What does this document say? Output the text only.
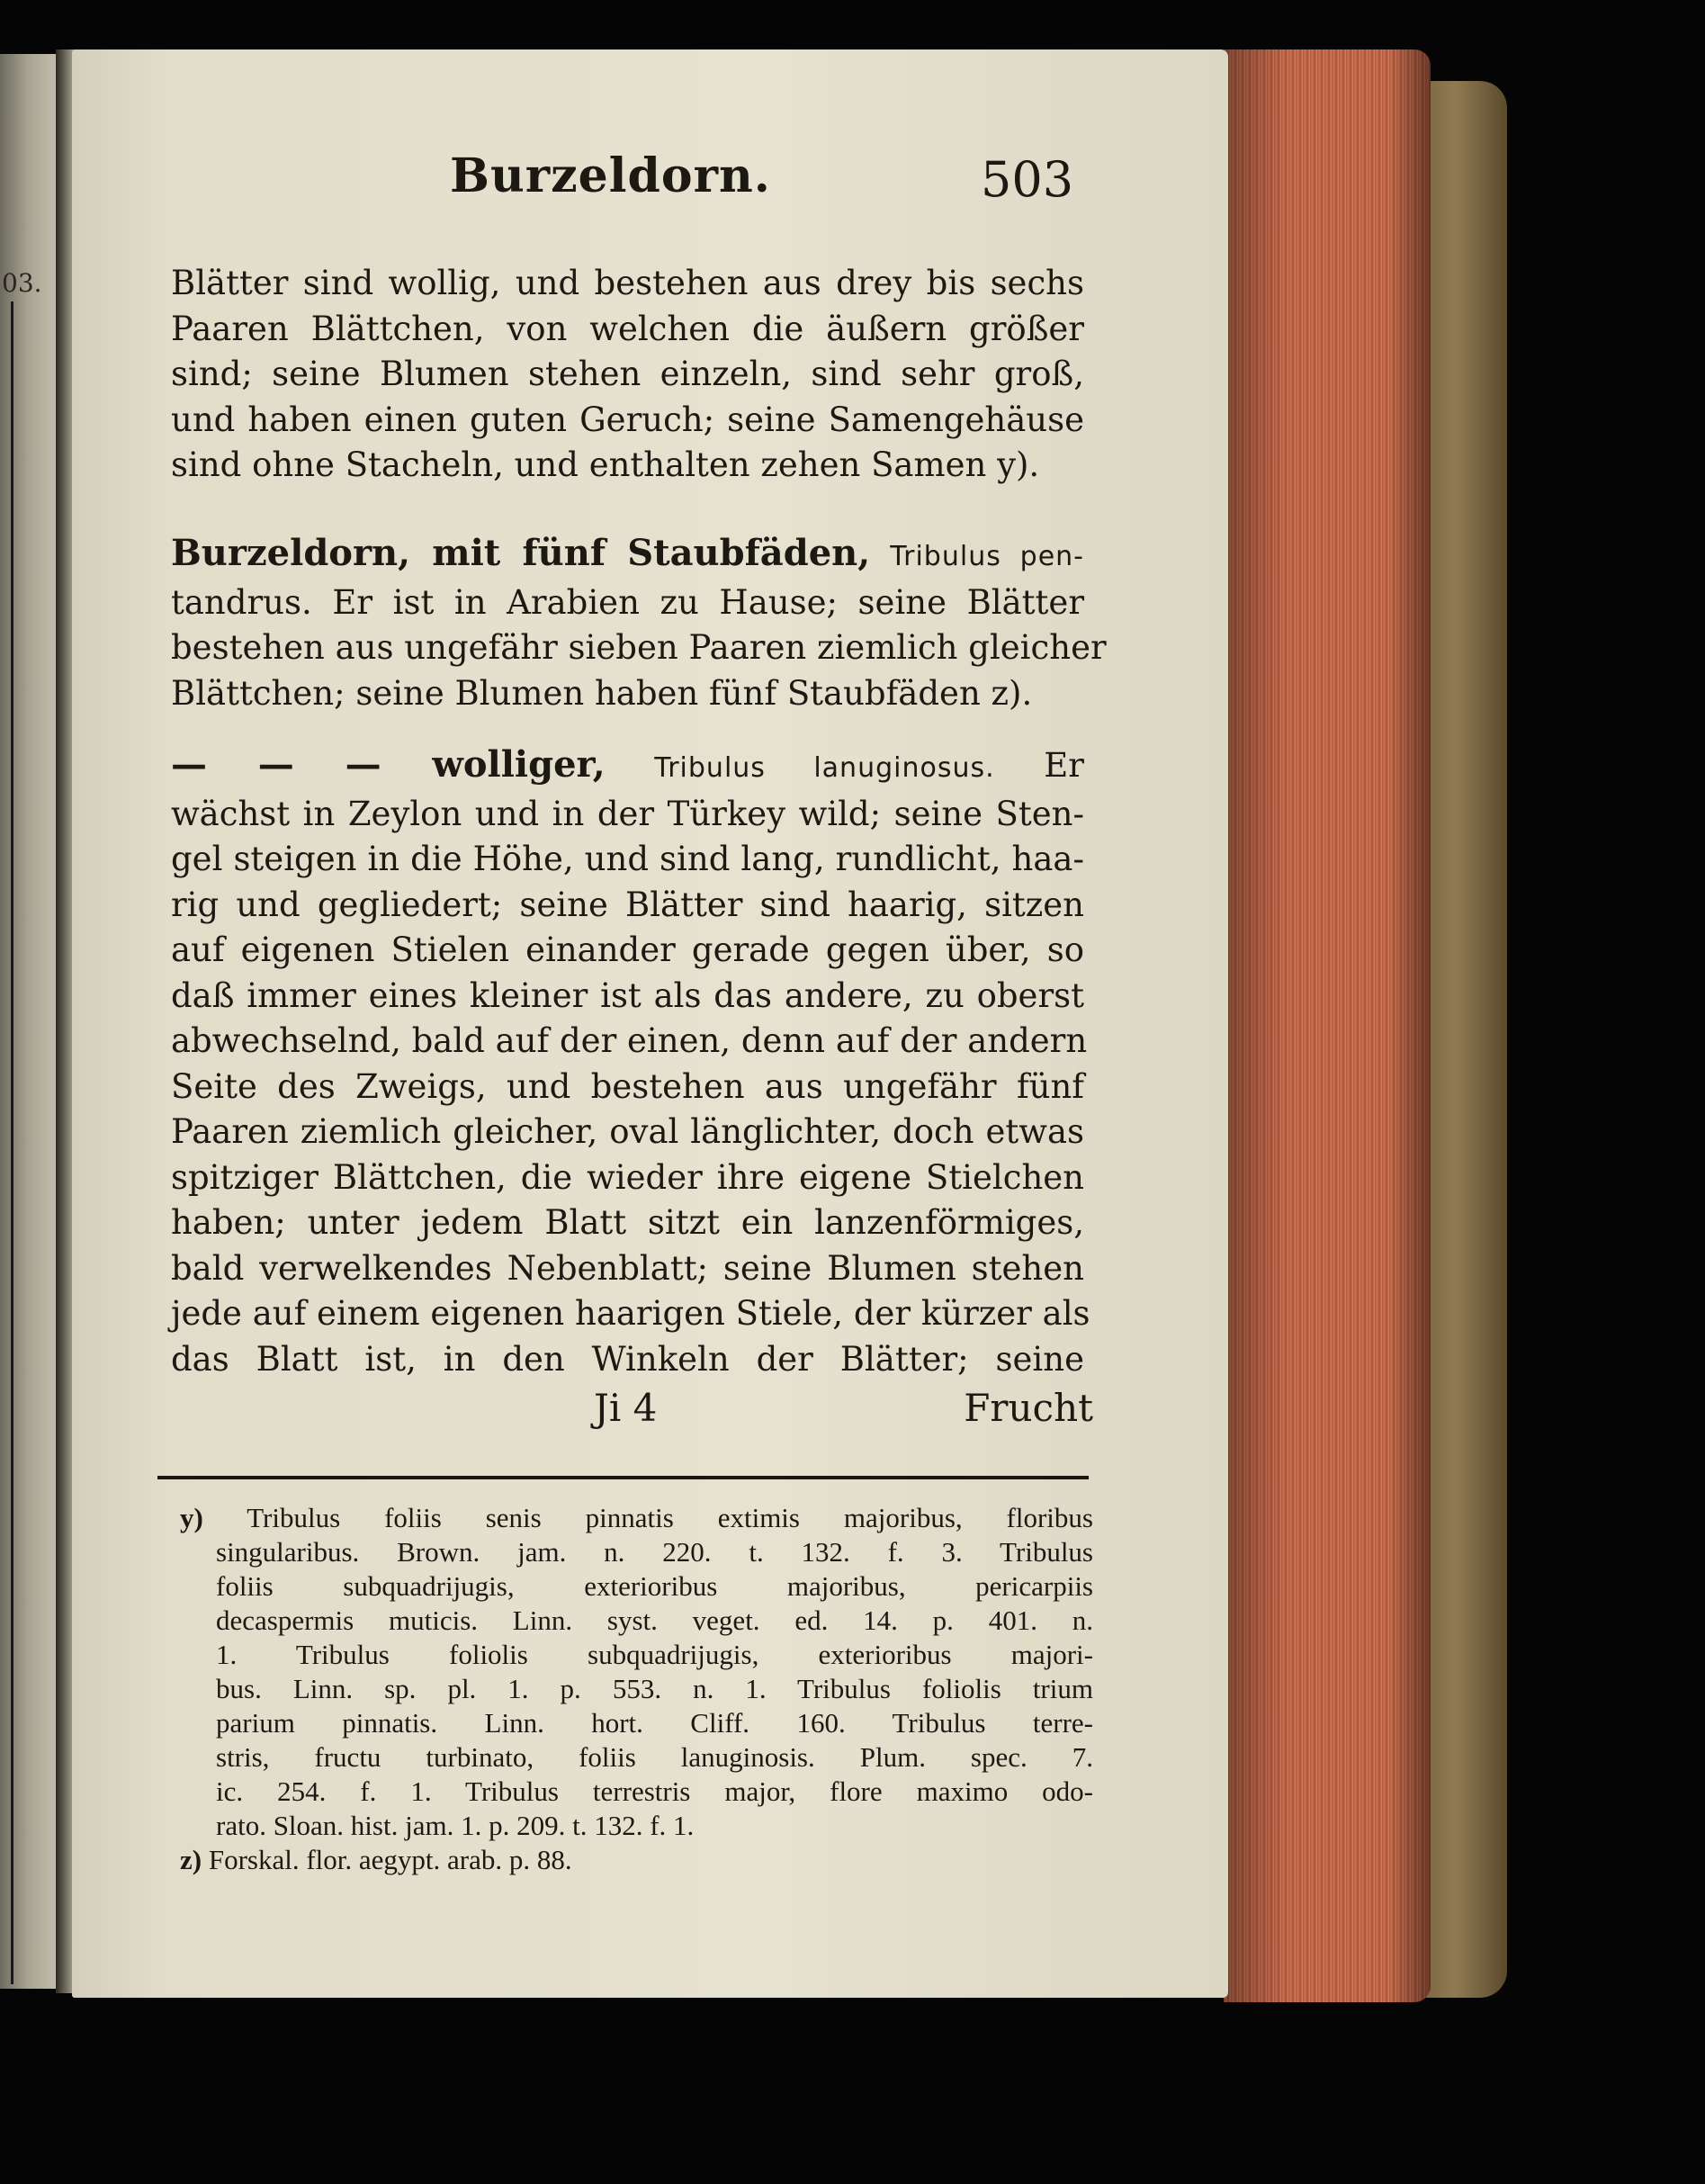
03.
Burzeldorn.	503
Blätter sind wollig, und bestehen aus drey bis sechs
Paaren Blättchen, von welchen die äußern größer
sind; seine Blumen stehen einzeln, sind sehr groß,
und haben einen guten Geruch; seine Samengehäuse
sind ohne Stacheln, und enthalten zehen Samen y).
Burzeldorn, mit fünf Staubfäden, Tribulus pen-
tandrus. Er ist in Arabien zu Hause; seine Blätter
bestehen aus ungefähr sieben Paaren ziemlich gleicher
Blättchen; seine Blumen haben fünf Staubfäden z).
— — — wolliger, Tribulus lanuginosus. Er
wächst in Zeylon und in der Türkey wild; seine Sten-
gel steigen in die Höhe, und sind lang, rundlicht, haa-
rig und gegliedert; seine Blätter sind haarig, sitzen
auf eigenen Stielen einander gerade gegen über, so
daß immer eines kleiner ist als das andere, zu oberst
abwechselnd, bald auf der einen, denn auf der andern
Seite des Zweigs, und bestehen aus ungefähr fünf
Paaren ziemlich gleicher, oval länglichter, doch etwas
spitziger Blättchen, die wieder ihre eigene Stielchen
haben; unter jedem Blatt sitzt ein lanzenförmiges,
bald verwelkendes Nebenblatt; seine Blumen stehen
jede auf einem eigenen haarigen Stiele, der kürzer als
das Blatt ist, in den Winkeln der Blätter; seine
Ji 4	Frucht
y) Tribulus foliis senis pinnatis extimis majoribus, floribus
singularibus. Brown. jam. n. 220. t. 132. f. 3. Tribulus
foliis subquadrijugis, exterioribus majoribus, pericarpiis
decaspermis muticis. Linn. syst. veget. ed. 14. p. 401. n.
1. Tribulus foliolis subquadrijugis, exterioribus majori-
bus. Linn. sp. pl. 1. p. 553. n. 1. Tribulus foliolis trium
parium pinnatis. Linn. hort. Cliff. 160. Tribulus terre-
stris, fructu turbinato, foliis lanuginosis. Plum. spec. 7.
ic. 254. f. 1. Tribulus terrestris major, flore maximo odo-
rato. Sloan. hist. jam. 1. p. 209. t. 132. f. 1.
z) Forskal. flor. aegypt. arab. p. 88.
